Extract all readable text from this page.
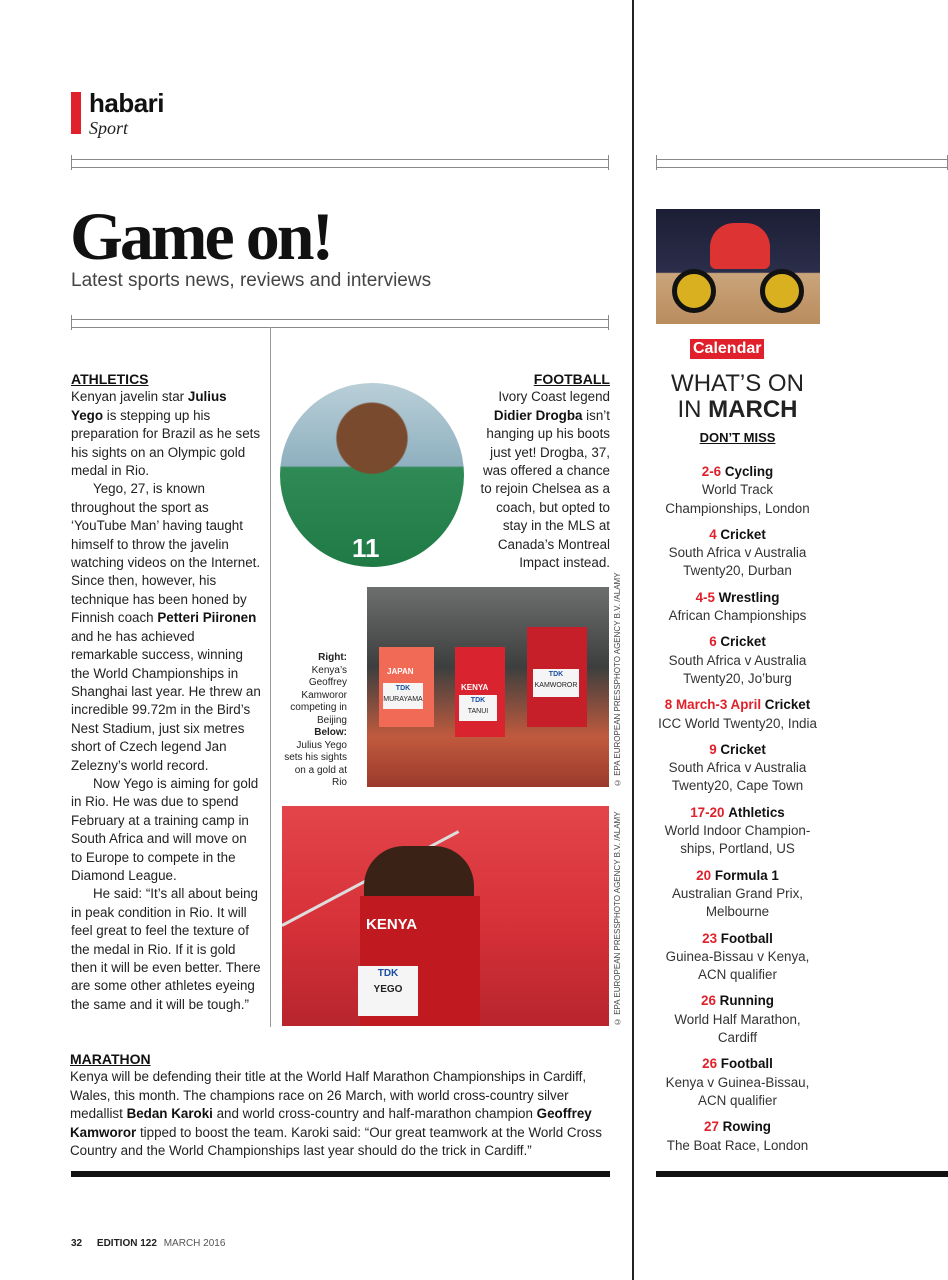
habari
Sport
Game on!
Latest sports news, reviews and interviews
ATHLETICS

Kenyan javelin star Julius Yego is stepping up his preparation for Brazil as he sets his sights on an Olympic gold medal in Rio.

Yego, 27, is known throughout the sport as ‘YouTube Man’ having taught himself to throw the javelin watching videos on the Internet. Since then, however, his technique has been honed by Finnish coach Petteri Piironen and he has achieved remarkable success, winning the World Championships in Shanghai last year. He threw an incredible 99.72m in the Bird’s Nest Stadium, just six metres short of Czech legend Jan Zelezny’s world record.

Now Yego is aiming for gold in Rio. He was due to spend February at a training camp in South Africa and will move on to Europe to compete in the Diamond League.

He said: “It’s all about being in peak condition in Rio. It will feel great to feel the texture of the medal in Rio. If it is gold then it will be even better. There are some other athletes eyeing the same and it will be tough.”

FOOTBALL

Ivory Coast legend Didier Drogba isn’t hanging up his boots just yet! Drogba, 37, was offered a chance to rejoin Chelsea as a coach, but opted to stay in the MLS at Canada’s Montreal Impact instead.

11
Right:
Kenya’s Geoffrey Kamworor competing in Beijing
Below:
Julius Yego sets his sights on a gold at Rio
JAPAN
KENYA
TDK
MURAYAMA	TDK
TANUI
TDK
KAMWOROR	© EPA EUROPEAN PRESSPHOTO AGENCY B.V. /ALAMY
KENYA
TDK
YEGO	© EPA EUROPEAN PRESSPHOTO AGENCY B.V. /ALAMY
MARATHON

Kenya will be defending their title at the World Half Marathon Championships in Cardiff, Wales, this month. The champions race on 26 March, with world cross-country silver medallist Bedan Karoki and world cross-country and half-marathon champion Geoffrey Kamworor tipped to boost the team. Karoki said: “Our great teamwork at the World Cross Country and the World Championships last year should do the trick in Cardiff.”

32 EDITION 122 MARCH 2016
Calendar
WHAT’S ON
IN MARCH
DON’T MISS
2-6 Cycling
World Track Championships, London
4 Cricket
South Africa v Australia Twenty20, Durban
4-5 Wrestling
African Championships
6 Cricket
South Africa v Australia Twenty20, Jo’burg
8 March-3 April Cricket
ICC World Twenty20, India
9 Cricket
South Africa v Australia Twenty20, Cape Town
17-20 Athletics
World Indoor Champion-ships, Portland, US
20 Formula 1
Australian Grand Prix, Melbourne
23 Football
Guinea-Bissau v Kenya, ACN qualifier
26 Running
World Half Marathon, Cardiff
26 Football
Kenya v Guinea-Bissau, ACN qualifier
27 Rowing
The Boat Race, London
